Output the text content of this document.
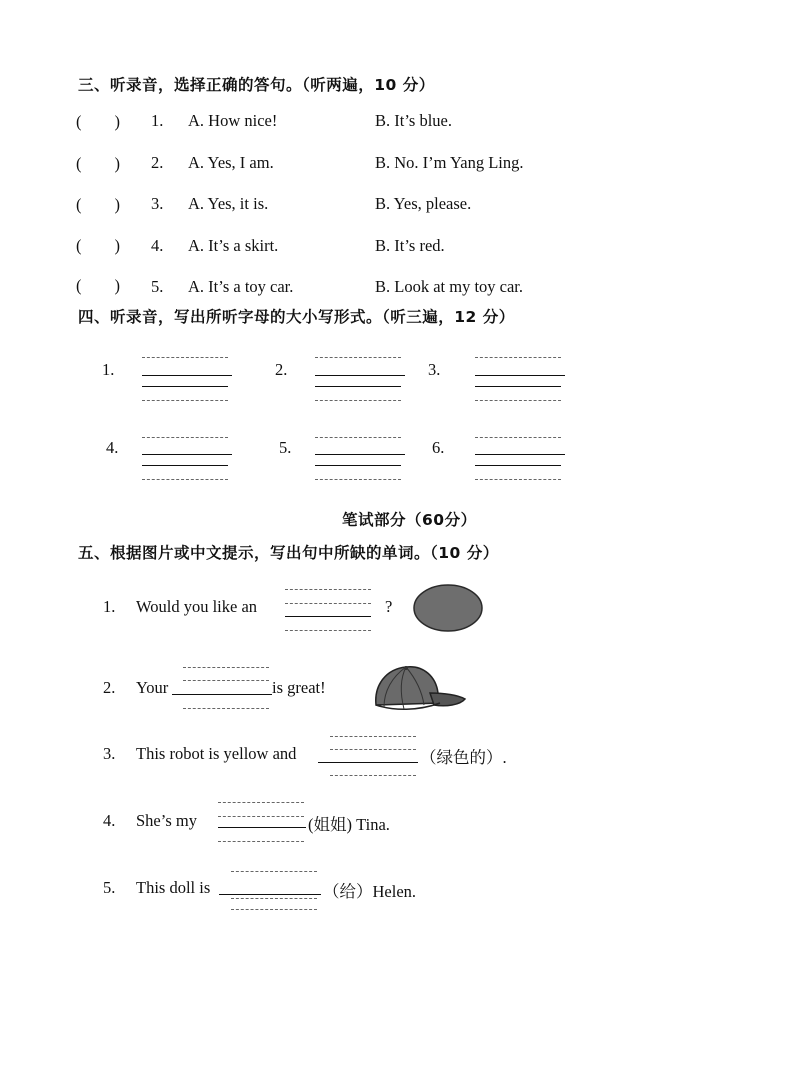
三、听录音，选择正确的答句。（听两遍，10 分）
(　　) 1. A. How nice!	B. It’s blue.
(　　) 2. A. Yes, I am.	B. No. I’m Yang Ling.
(　　) 3. A. Yes, it is.	B. Yes, please.
(　　) 4. A. It’s a skirt.	B. It’s red.
(　　) 5. A. It’s a toy car.	B. Look at my toy car.
四、听录音，写出所听字母的大小写形式。（听三遍，12 分）
1.	2.	3.
4.	5.	6.
笔试部分（60分）
五、根据图片或中文提示，写出句中所缺的单词。（10 分）
1. Would you like an	?
2. Your	is great!
3. This robot is yellow and	（绿色的）.
4. She’s my	(姐姐) Tina.
5. This doll is	（给）Helen.
